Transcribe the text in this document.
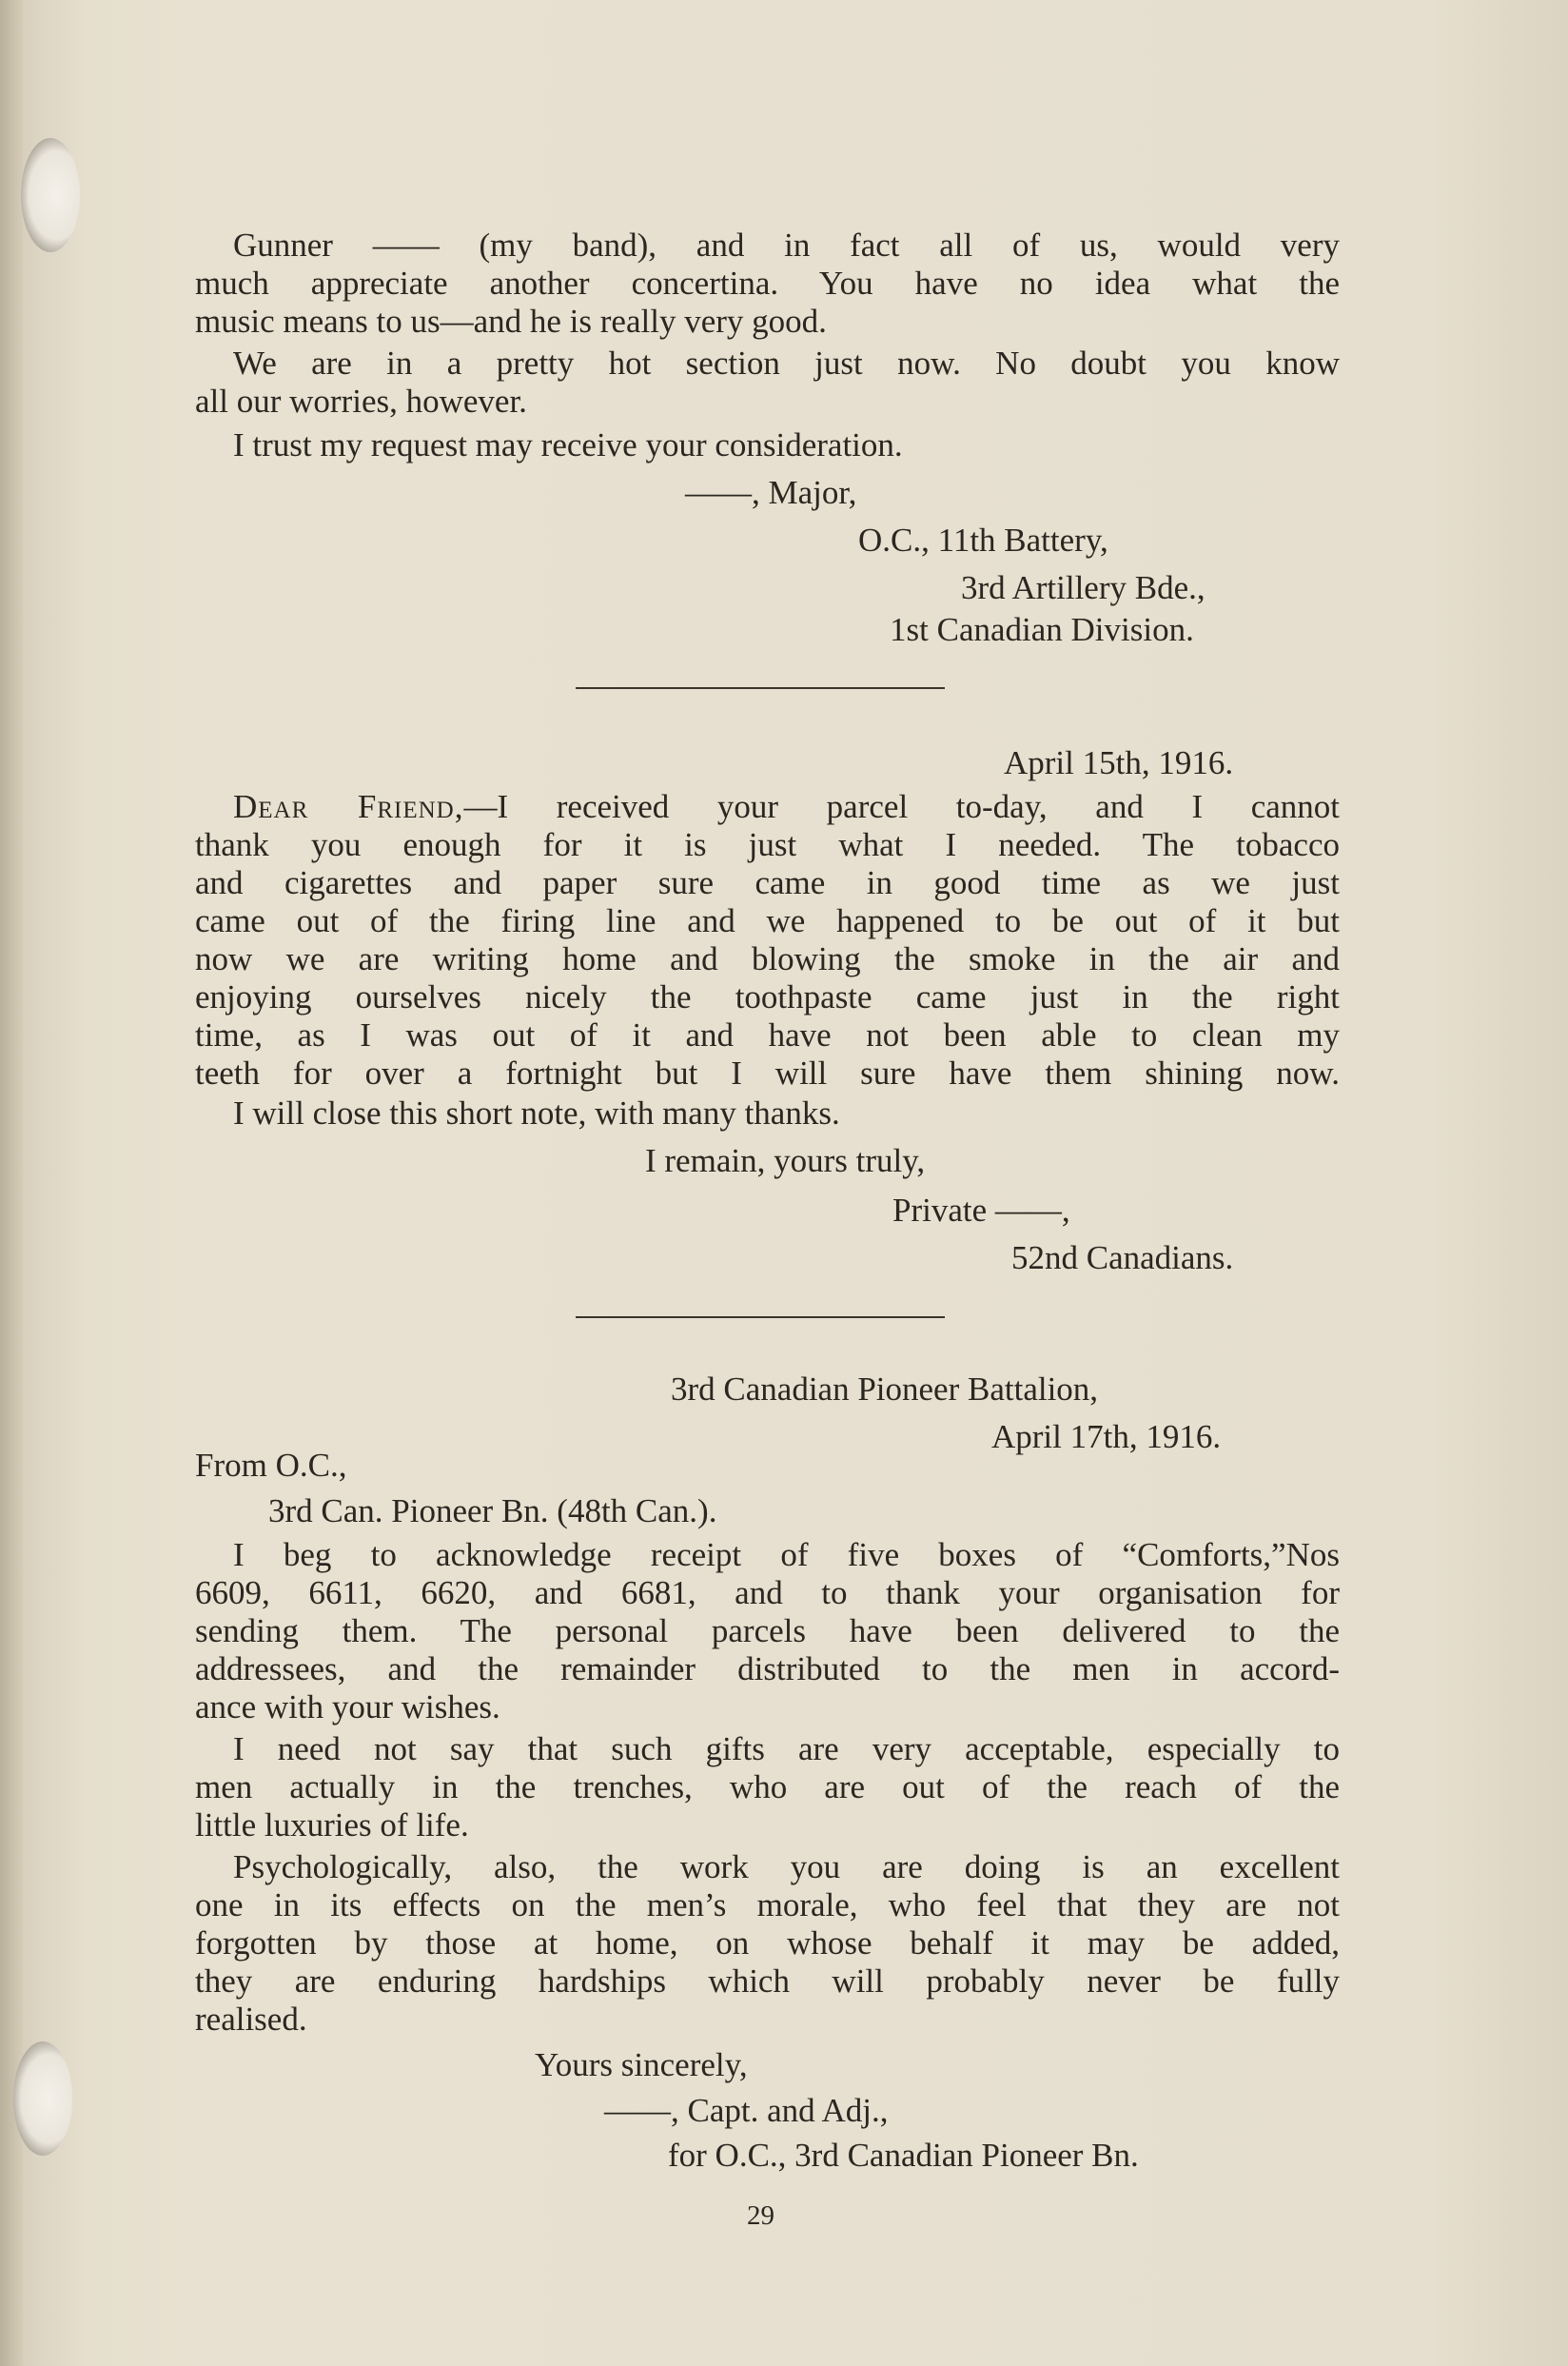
Gunner —— (my band), and in fact all of us, would very
much appreciate another concertina. You have no idea what the
music means to us—and he is really very good.
We are in a pretty hot section just now. No doubt you know
all our worries, however.
I trust my request may receive your consideration.
——, Major,
O.C., 11th Battery,
3rd Artillery Bde.,
1st Canadian Division.
April 15th, 1916.
Dear Friend,—I received your parcel to-day, and I cannot
thank you enough for it is just what I needed. The tobacco
and cigarettes and paper sure came in good time as we just
came out of the firing line and we happened to be out of it but
now we are writing home and blowing the smoke in the air and
enjoying ourselves nicely the toothpaste came just in the right
time, as I was out of it and have not been able to clean my
teeth for over a fortnight but I will sure have them shining now.
I will close this short note, with many thanks.
I remain, yours truly,
Private ——,
52nd Canadians.
3rd Canadian Pioneer Battalion,
April 17th, 1916.
From O.C.,
3rd Can. Pioneer Bn. (48th Can.).
I beg to acknowledge receipt of five boxes of “Comforts,”Nos
6609, 6611, 6620, and 6681, and to thank your organisation for
sending them. The personal parcels have been delivered to the
addressees, and the remainder distributed to the men in accord-
ance with your wishes.
I need not say that such gifts are very acceptable, especially to
men actually in the trenches, who are out of the reach of the
little luxuries of life.
Psychologically, also, the work you are doing is an excellent
one in its effects on the men’s morale, who feel that they are not
forgotten by those at home, on whose behalf it may be added,
they are enduring hardships which will probably never be fully
realised.
Yours sincerely,
——, Capt. and Adj.,
for O.C., 3rd Canadian Pioneer Bn.
29
